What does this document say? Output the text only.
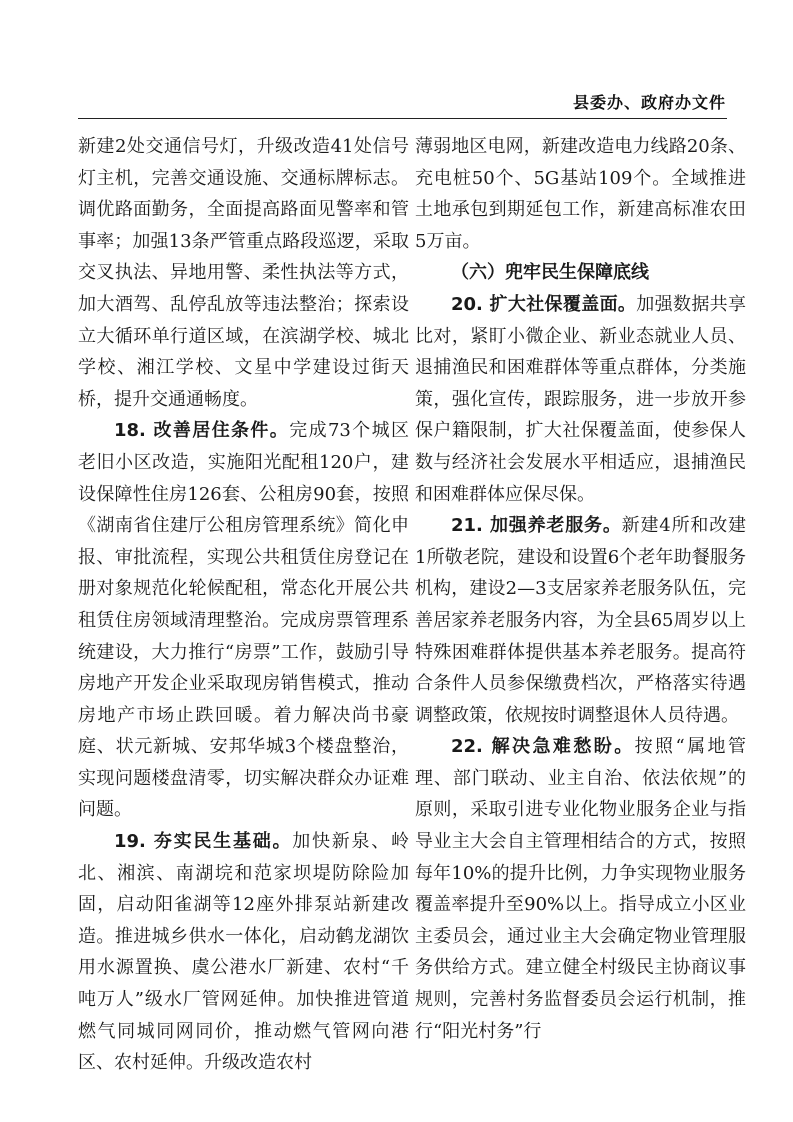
县委办、政府办文件

新建2处交通信号灯，升级改造41处信号灯主机，完善交通设施、交通标牌标志。调优路面勤务，全面提高路面见警率和管事率；加强13条严管重点路段巡逻，采取交叉执法、异地用警、柔性执法等方式，加大酒驾、乱停乱放等违法整治；探索设立大循环单行道区域，在滨湖学校、城北学校、湘江学校、文星中学建设过街天桥，提升交通通畅度。

18. 改善居住条件。完成73个城区老旧小区改造，实施阳光配租120户，建设保障性住房126套、公租房90套，按照《湖南省住建厅公租房管理系统》简化申报、审批流程，实现公共租赁住房登记在册对象规范化轮候配租，常态化开展公共租赁住房领域清理整治。完成房票管理系统建设，大力推行“房票”工作，鼓励引导房地产开发企业采取现房销售模式，推动房地产市场止跌回暖。着力解决尚书豪庭、状元新城、安邦华城3个楼盘整治，实现问题楼盘清零，切实解决群众办证难问题。

19. 夯实民生基础。加快新泉、岭北、湘滨、南湖垸和范家坝堤防除险加固，启动阳雀湖等12座外排泵站新建改造。推进城乡供水一体化，启动鹤龙湖饮用水源置换、虞公港水厂新建、农村“千吨万人”级水厂管网延伸。加快推进管道燃气同城同网同价，推动燃气管网向港区、农村延伸。升级改造农村

薄弱地区电网，新建改造电力线路20条、充电桩50个、5G基站109个。全域推进土地承包到期延包工作，新建高标准农田5万亩。

（六）兜牢民生保障底线

20. 扩大社保覆盖面。加强数据共享比对，紧盯小微企业、新业态就业人员、退捕渔民和困难群体等重点群体，分类施策，强化宣传，跟踪服务，进一步放开参保户籍限制，扩大社保覆盖面，使参保人数与经济社会发展水平相适应，退捕渔民和困难群体应保尽保。

21. 加强养老服务。新建4所和改建1所敬老院，建设和设置6个老年助餐服务机构，建设2—3支居家养老服务队伍，完善居家养老服务内容，为全县65周岁以上特殊困难群体提供基本养老服务。提高符合条件人员参保缴费档次，严格落实待遇调整政策，依规按时调整退休人员待遇。

22. 解决急难愁盼。按照“属地管理、部门联动、业主自治、依法依规”的原则，采取引进专业化物业服务企业与指导业主大会自主管理相结合的方式，按照每年10%的提升比例，力争实现物业服务覆盖率提升至90%以上。指导成立小区业主委员会，通过业主大会确定物业管理服务供给方式。建立健全村级民主协商议事规则，完善村务监督委员会运行机制，推行“阳光村务”行
